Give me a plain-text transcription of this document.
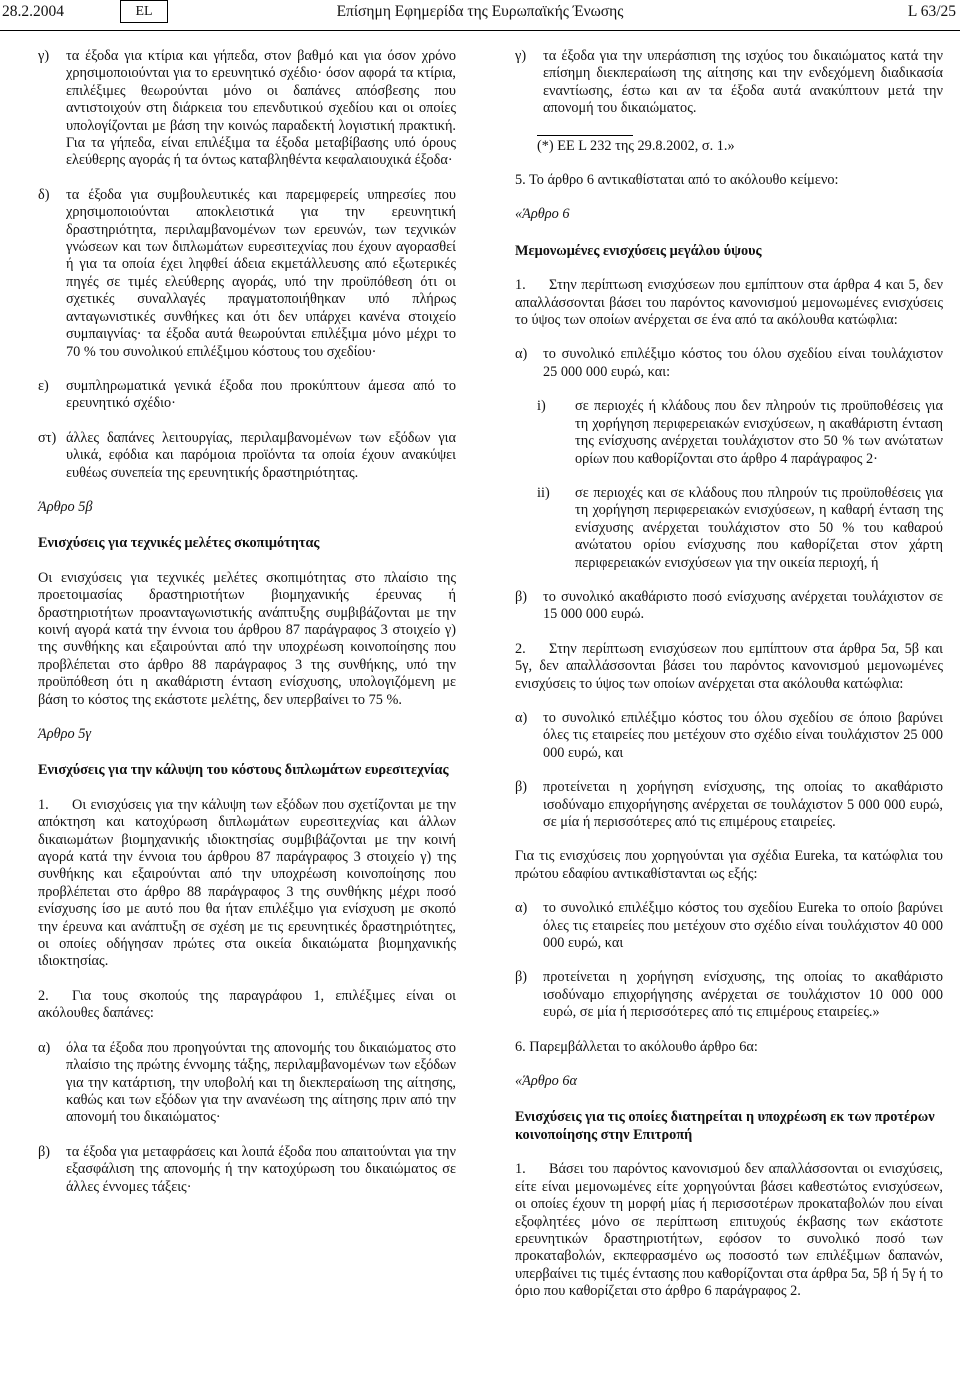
28.2.2004	EL	Επίσημη Εφημερίδα της Ευρωπαϊκής Ένωσης	L 63/25
γ)	τα έξοδα για κτίρια και γήπεδα, στον βαθμό και για όσον χρόνο χρησιμοποιούνται για το ερευνητικό σχέδιο· όσον αφορά τα κτίρια, επιλέξιμες θεωρούνται μόνο οι δαπάνες απόσβεσης που αντιστοιχούν στη διάρκεια του επενδυτικού σχεδίου και οι οποίες υπολογίζονται με βάση την κοινώς παραδεκτή λογιστική πρακτική. Για τα γήπεδα, είναι επιλέξιμα τα έξοδα μεταβίβασης υπό όρους ελεύθερης αγοράς ή τα όντως καταβληθέντα κεφαλαιουχικά έξοδα·
δ)	τα έξοδα για συμβουλευτικές και παρεμφερείς υπηρεσίες που χρησιμοποιούνται αποκλειστικά για την ερευνητική δραστηριότητα, περιλαμβανομένων των ερευνών, των τεχνικών γνώσεων και των διπλωμάτων ευρεσιτεχνίας που έχουν αγορασθεί ή για τα οποία έχει ληφθεί άδεια εκμετάλλευσης από εξωτερικές πηγές σε τιμές ελεύθερης αγοράς, υπό την προϋπόθεση ότι οι σχετικές συναλλαγές πραγματοποιήθηκαν υπό πλήρως ανταγωνιστικές συνθήκες και ότι δεν υπάρχει κανένα στοιχείο συμπαιγνίας· τα έξοδα αυτά θεωρούνται επιλέξιμα μόνο μέχρι το 70 % του συνολικού επιλέξιμου κόστους του σχεδίου·
ε)	συμπληρωματικά γενικά έξοδα που προκύπτουν άμεσα από το ερευνητικό σχέδιο·
στ) άλλες δαπάνες λειτουργίας, περιλαμβανομένων των εξόδων για υλικά, εφόδια και παρόμοια προϊόντα τα οποία έχουν ανακύψει ευθέως συνεπεία της ερευνητικής δραστηριότητας.
Άρθρο 5β
Ενισχύσεις για τεχνικές μελέτες σκοπιμότητας
Οι ενισχύσεις για τεχνικές μελέτες σκοπιμότητας στο πλαίσιο της προετοιμασίας δραστηριοτήτων βιομηχανικής έρευνας ή δραστηριοτήτων προανταγωνιστικής ανάπτυξης συμβιβάζονται με την κοινή αγορά κατά την έννοια του άρθρου 87 παράγραφος 3 στοιχείο γ) της συνθήκης και εξαιρούνται από την υποχρέωση κοινοποίησης που προβλέπεται στο άρθρο 88 παράγραφος 3 της συνθήκης, υπό την προϋπόθεση ότι η ακαθάριστη ένταση ενίσχυσης, υπολογιζόμενη με βάση το κόστος της εκάστοτε μελέτης, δεν υπερβαίνει το 75 %.
Άρθρο 5γ
Ενισχύσεις για την κάλυψη του κόστους διπλωμάτων ευρεσιτεχνίας
1. Οι ενισχύσεις για την κάλυψη των εξόδων που σχετίζονται με την απόκτηση και κατοχύρωση διπλωμάτων ευρεσιτεχνίας και άλλων δικαιωμάτων βιομηχανικής ιδιοκτησίας συμβιβάζονται με την κοινή αγορά κατά την έννοια του άρθρου 87 παράγραφος 3 στοιχείο γ) της συνθήκης και εξαιρούνται από την υποχρέωση κοινοποίησης που προβλέπεται στο άρθρο 88 παράγραφος 3 της συνθήκης μέχρι ποσό ενίσχυσης ίσο με αυτό που θα ήταν επιλέξιμο για ενίσχυση με σκοπό την έρευνα και ανάπτυξη σε σχέση με τις ερευνητικές δραστηριότητες, οι οποίες οδήγησαν πρώτες στα οικεία δικαιώματα βιομηχανικής ιδιοκτησίας.
2. Για τους σκοπούς της παραγράφου 1, επιλέξιμες είναι οι ακόλουθες δαπάνες:
α)	όλα τα έξοδα που προηγούνται της απονομής του δικαιώματος στο πλαίσιο της πρώτης έννομης τάξης, περιλαμβανομένων των εξόδων για την κατάρτιση, την υποβολή και τη διεκπεραίωση της αίτησης, καθώς και των εξόδων για την ανανέωση της αίτησης πριν από την απονομή του δικαιώματος·
β)	τα έξοδα για μεταφράσεις και λοιπά έξοδα που απαιτούνται για την εξασφάλιση της απονομής ή την κατοχύρωση του δικαιώματος σε άλλες έννομες τάξεις·
γ)	τα έξοδα για την υπεράσπιση της ισχύος του δικαιώματος κατά την επίσημη διεκπεραίωση της αίτησης και την ενδεχόμενη διαδικασία εναντίωσης, έστω και αν τα έξοδα αυτά ανακύπτουν μετά την απονομή του δικαιώματος.
(*) ΕΕ L 232 της 29.8.2002, σ. 1.»
5. Το άρθρο 6 αντικαθίσταται από το ακόλουθο κείμενο:
«Άρθρο 6
Μεμονωμένες ενισχύσεις μεγάλου ύψους
1. Στην περίπτωση ενισχύσεων που εμπίπτουν στα άρθρα 4 και 5, δεν απαλλάσσονται βάσει του παρόντος κανονισμού μεμονωμένες ενισχύσεις το ύψος των οποίων ανέρχεται σε ένα από τα ακόλουθα κατώφλια:
α)	το συνολικό επιλέξιμο κόστος του όλου σχεδίου είναι τουλάχιστον 25 000 000 ευρώ, και:
i)	σε περιοχές ή κλάδους που δεν πληρούν τις προϋποθέσεις για τη χορήγηση περιφερειακών ενισχύσεων, η ακαθάριστη ένταση της ενίσχυσης ανέρχεται τουλάχιστον στο 50 % των ανώτατων ορίων που καθορίζονται στο άρθρο 4 παράγραφος 2·
ii)	σε περιοχές και σε κλάδους που πληρούν τις προϋποθέσεις για τη χορήγηση περιφερειακών ενισχύσεων, η καθαρή ένταση της ενίσχυσης ανέρχεται τουλάχιστον στο 50 % του καθαρού ανώτατου ορίου ενίσχυσης που καθορίζεται στον χάρτη περιφερειακών ενισχύσεων για την οικεία περιοχή, ή
β)	το συνολικό ακαθάριστο ποσό ενίσχυσης ανέρχεται τουλάχιστον σε 15 000 000 ευρώ.
2. Στην περίπτωση ενισχύσεων που εμπίπτουν στα άρθρα 5α, 5β και 5γ, δεν απαλλάσσονται βάσει του παρόντος κανονισμού μεμονωμένες ενισχύσεις το ύψος των οποίων ανέρχεται στα ακόλουθα κατώφλια:
α)	το συνολικό επιλέξιμο κόστος του όλου σχεδίου σε όποιο βαρύνει όλες τις εταιρείες που μετέχουν στο σχέδιο είναι τουλάχιστον 25 000 000 ευρώ, και
β)	προτείνεται η χορήγηση ενίσχυσης, της οποίας το ακαθάριστο ισοδύναμο επιχορήγησης ανέρχεται σε τουλάχιστον 5 000 000 ευρώ, σε μία ή περισσότερες από τις επιμέρους εταιρείες.
Για τις ενισχύσεις που χορηγούνται για σχέδια Eureka, τα κατώφλια του πρώτου εδαφίου αντικαθίστανται ως εξής:
α)	το συνολικό επιλέξιμο κόστος του σχεδίου Eureka το οποίο βαρύνει όλες τις εταιρείες που μετέχουν στο σχέδιο είναι τουλάχιστον 40 000 000 ευρώ, και
β)	προτείνεται η χορήγηση ενίσχυσης, της οποίας το ακαθάριστο ισοδύναμο επιχορήγησης ανέρχεται σε τουλάχιστον 10 000 000 ευρώ, σε μία ή περισσότερες από τις επιμέρους εταιρείες.»
6. Παρεμβάλλεται το ακόλουθο άρθρο 6α:
«Άρθρο 6α
Ενισχύσεις για τις οποίες διατηρείται η υποχρέωση εκ των προτέρων κοινοποίησης στην Επιτροπή
1. Βάσει του παρόντος κανονισμού δεν απαλλάσσονται οι ενισχύσεις, είτε είναι μεμονωμένες είτε χορηγούνται βάσει καθεστώτος ενισχύσεων, οι οποίες έχουν τη μορφή μίας ή περισσοτέρων προκαταβολών που είναι εξοφλητέες μόνο σε περίπτωση επιτυχούς έκβασης των εκάστοτε ερευνητικών δραστηριοτήτων, εφόσον το συνολικό ποσό των προκαταβολών, εκπεφρασμένο ως ποσοστό των επιλέξιμων δαπανών, υπερβαίνει τις τιμές έντασης που καθορίζονται στα άρθρα 5α, 5β ή 5γ ή το όριο που καθορίζεται στο άρθρο 6 παράγραφος 2.
